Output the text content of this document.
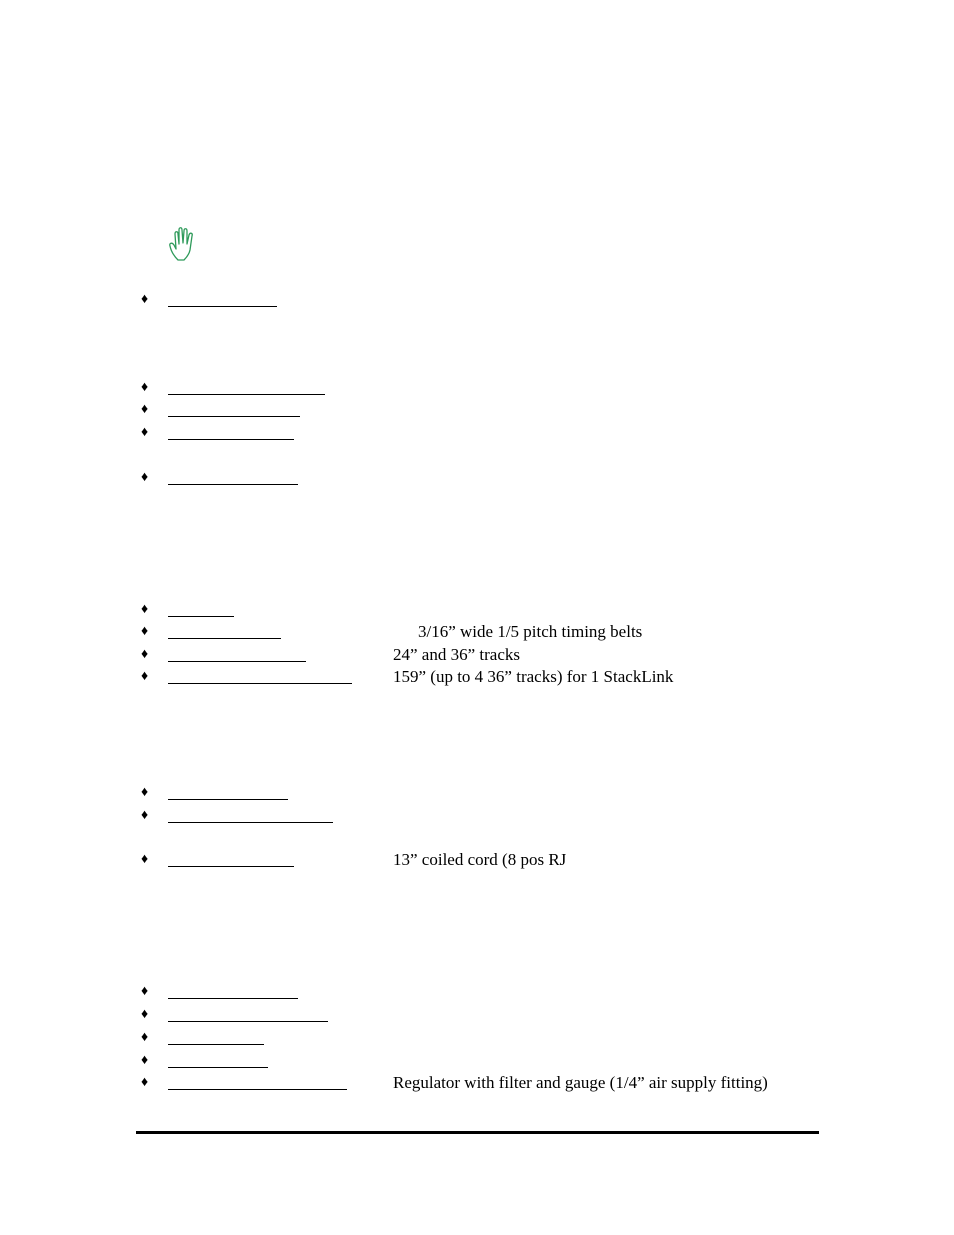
♦
♦
♦
♦
♦
♦
♦	3/16” wide 1/5 pitch timing belts
♦	24” and 36” tracks
♦	159” (up to 4 36” tracks) for 1 StackLink
♦
♦
♦	13” coiled cord (8 pos RJ
♦
♦
♦
♦
♦	Regulator with filter and gauge (1/4” air supply fitting)
